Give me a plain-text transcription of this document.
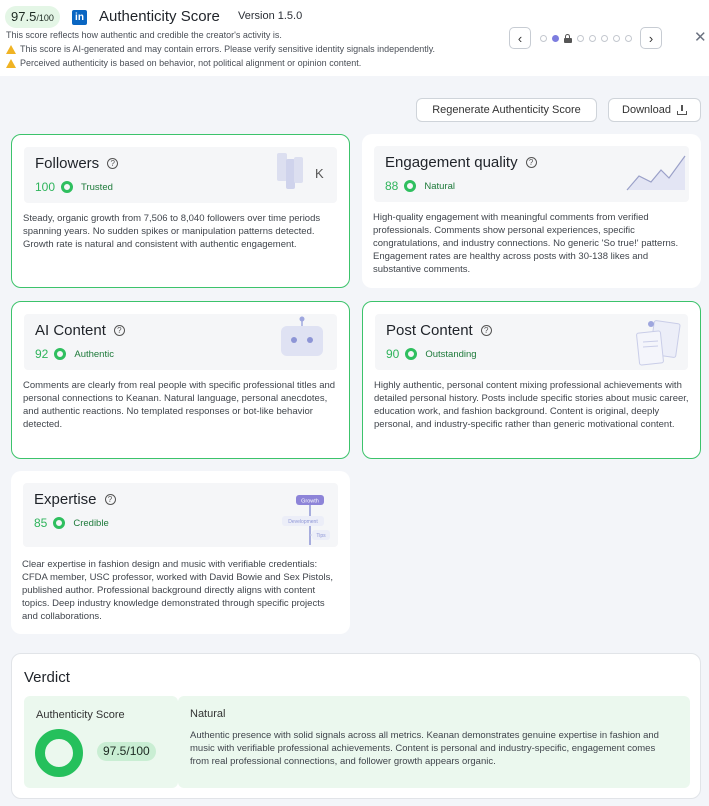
97.5 /100	in Authenticity Score Version 1.5.0
This score reflects how authentic and credible the creator's activity is.
This score is AI-generated and may contain errors. Please verify sensitive identity signals independently.
Perceived authenticity is based on behavior, not political alignment or opinion content.
‹	›	✕
Regenerate Authenticity Score	Download
Followers	?
100	Trusted
K
Steady, organic growth from 7,506 to 8,040 followers over time periods spanning years. No sudden spikes or manipulation patterns detected. Growth rate is natural and consistent with authentic engagement.
Engagement quality	?
88	Natural
High-quality engagement with meaningful comments from verified professionals. Comments show personal experiences, specific congratulations, and industry connections. No generic 'So true!' patterns. Engagement rates are healthy across posts with 30-138 likes and substantive comments.
AI Content	?
92	Authentic
Comments are clearly from real people with specific professional titles and personal connections to Keanan. Natural language, personal anecdotes, and authentic reactions. No templated responses or bot-like behavior detected.
Post Content	?
90	Outstanding
Highly authentic, personal content mixing professional achievements with detailed personal history. Posts include specific stories about music career, education work, and fashion background. Content is original, deeply personal, and industry-specific rather than generic motivational content.
Expertise	?
85	Credible
Growth
Development
Tips
Clear expertise in fashion design and music with verifiable credentials: CFDA member, USC professor, worked with David Bowie and Sex Pistols, published author. Professional background directly aligns with content topics. Deep industry knowledge demonstrated through specific projects and collaborations.
Verdict
Authenticity Score
97.5/100
Natural
Authentic presence with solid signals across all metrics. Keanan demonstrates genuine expertise in fashion and music with verifiable professional achievements. Content is personal and industry-specific, engagement comes from real professional connections, and follower growth appears organic.
